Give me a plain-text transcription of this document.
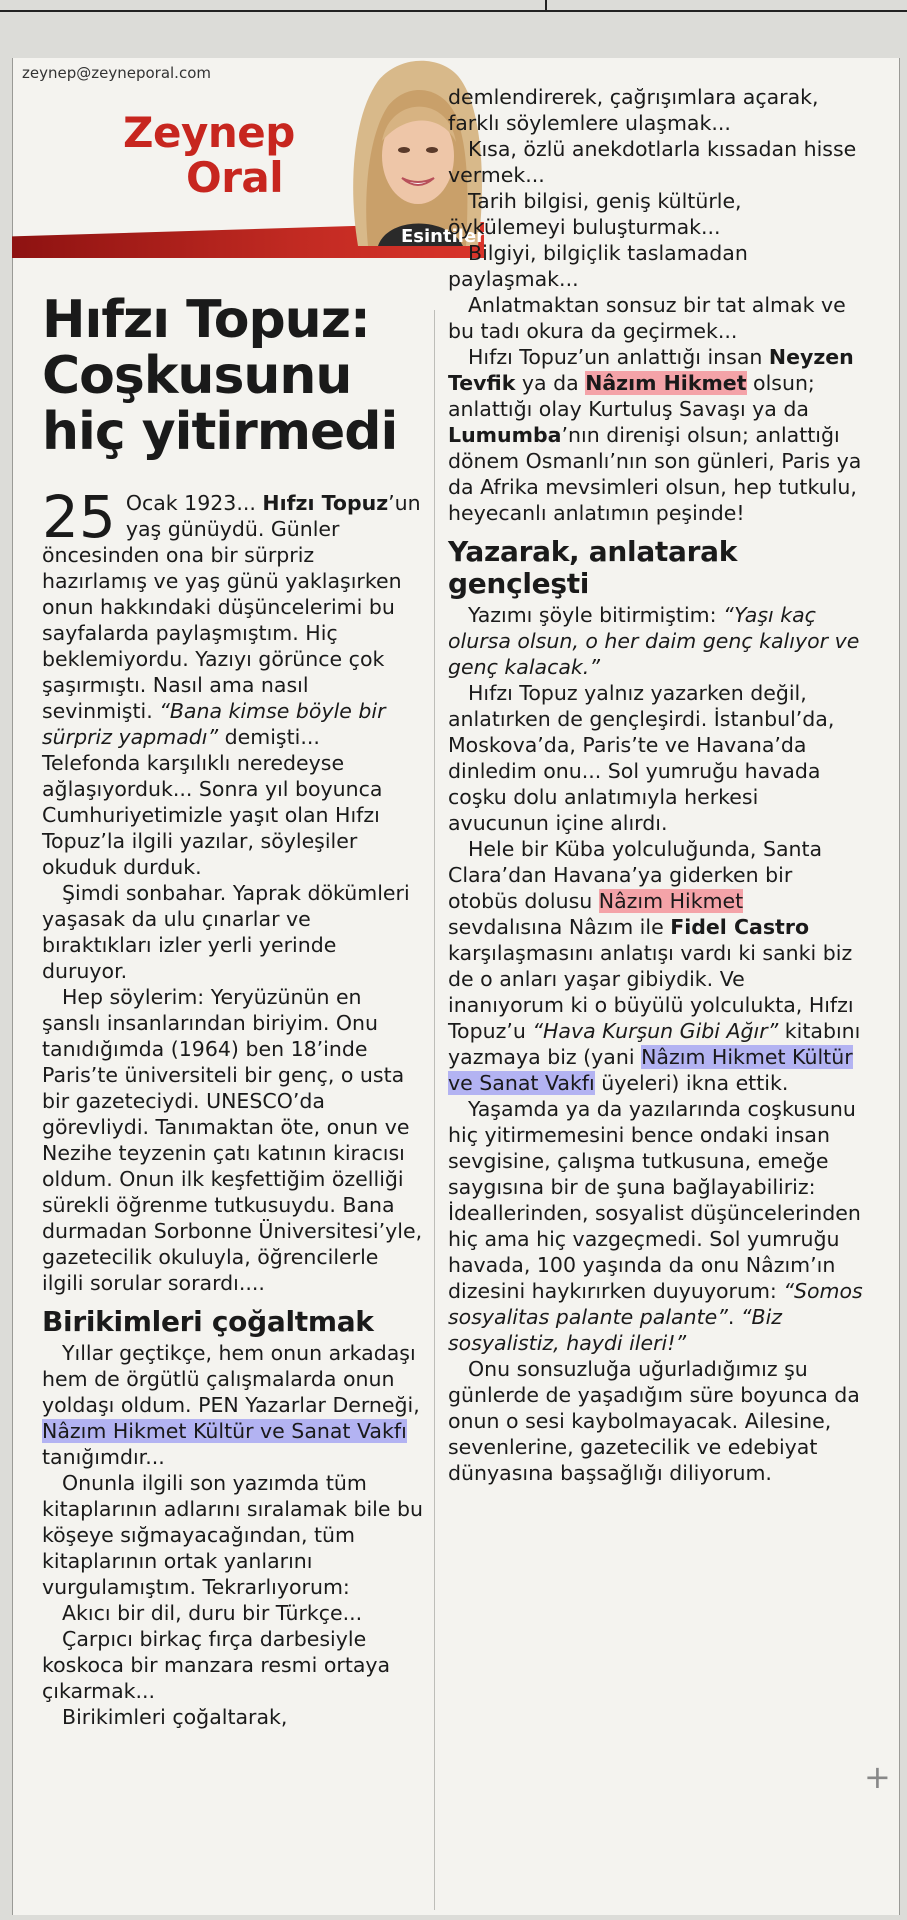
zeynep@zeyneporal.com
Zeynep
Oral
Esintiler
Hıfzı Topuz:
Coşkusunu
hiç yitirmedi

25 Ocak 1923... Hıfzı Topuz’un yaş günüydü. Günler öncesinden ona bir sürpriz hazırlamış ve yaş günü yaklaşırken onun hakkındaki düşüncelerimi bu sayfalarda paylaşmıştım. Hiç beklemiyordu. Yazıyı görünce çok şaşırmıştı. Nasıl ama nasıl sevinmişti. “Bana kimse böyle bir sürpriz yapmadı” demişti... Telefonda karşılıklı neredeyse ağlaşıyorduk... Sonra yıl boyunca Cumhuriyetimizle yaşıt olan Hıfzı Topuz’la ilgili yazılar, söyleşiler okuduk durduk.

Şimdi sonbahar. Yaprak dökümleri yaşasak da ulu çınarlar ve bıraktıkları izler yerli yerinde duruyor.

Hep söylerim: Yeryüzünün en şanslı insanlarından biriyim. Onu tanıdığımda (1964) ben 18’inde Paris’te üniversiteli bir genç, o usta bir gazeteciydi. UNESCO’da görevliydi. Tanımaktan öte, onun ve Nezihe teyzenin çatı katının kiracısı oldum. Onun ilk keşfettiğim özelliği sürekli öğrenme tutkusuydu. Bana durmadan Sorbonne Üniversitesi’yle, gazetecilik okuluyla, öğrencilerle ilgili sorular sorardı....

Birikimleri çoğaltmak

Yıllar geçtikçe, hem onun arkadaşı hem de örgütlü çalışmalarda onun yoldaşı oldum. PEN Yazarlar Derneği, Nâzım Hikmet Kültür ve Sanat Vakfı tanığımdır...

Onunla ilgili son yazımda tüm kitaplarının adlarını sıralamak bile bu köşeye sığmayacağından, tüm kitaplarının ortak yanlarını vurgulamıştım. Tekrarlıyorum:

Akıcı bir dil, duru bir Türkçe...

Çarpıcı birkaç fırça darbesiyle koskoca bir manzara resmi ortaya çıkarmak...

Birikimleri çoğaltarak,

demlendirerek, çağrışımlara açarak, farklı söylemlere ulaşmak...

Kısa, özlü anekdotlarla kıssadan hisse vermek...

Tarih bilgisi, geniş kültürle, öykülemeyi buluşturmak...

Bilgiyi, bilgiçlik taslamadan paylaşmak...

Anlatmaktan sonsuz bir tat almak ve bu tadı okura da geçirmek...

Hıfzı Topuz’un anlattığı insan Neyzen Tevfik ya da Nâzım Hikmet olsun; anlattığı olay Kurtuluş Savaşı ya da Lumumba’nın direnişi olsun; anlattığı dönem Osmanlı’nın son günleri, Paris ya da Afrika mevsimleri olsun, hep tutkulu, heyecanlı anlatımın peşinde!

Yazarak, anlatarak gençleşti

Yazımı şöyle bitirmiştim: “Yaşı kaç olursa olsun, o her daim genç kalıyor ve genç kalacak.”

Hıfzı Topuz yalnız yazarken değil, anlatırken de gençleşirdi. İstanbul’da, Moskova’da, Paris’te ve Havana’da dinledim onu... Sol yumruğu havada coşku dolu anlatımıyla herkesi avucunun içine alırdı.

Hele bir Küba yolculuğunda, Santa Clara’dan Havana’ya giderken bir otobüs dolusu Nâzım Hikmet sevdalısına Nâzım ile Fidel Castro karşılaşmasını anlatışı vardı ki sanki biz de o anları yaşar gibiydik. Ve inanıyorum ki o büyülü yolculukta, Hıfzı Topuz’u “Hava Kurşun Gibi Ağır” kitabını yazmaya biz (yani Nâzım Hikmet Kültür ve Sanat Vakfı üyeleri) ikna ettik.

Yaşamda ya da yazılarında coşkusunu hiç yitirmemesini bence ondaki insan sevgisine, çalışma tutkusuna, emeğe saygısına bir de şuna bağlayabiliriz: İdeallerinden, sosyalist düşüncelerinden hiç ama hiç vazgeçmedi. Sol yumruğu havada, 100 yaşında da onu Nâzım’ın dizesini haykırırken duyuyorum: “Somos sosyalitas palante palante”. “Biz sosyalistiz, haydi ileri!”

Onu sonsuzluğa uğurladığımız şu günlerde de yaşadığım süre boyunca da onun o sesi kaybolmayacak. Ailesine, sevenlerine, gazetecilik ve edebiyat dünyasına başsağlığı diliyorum.

+
